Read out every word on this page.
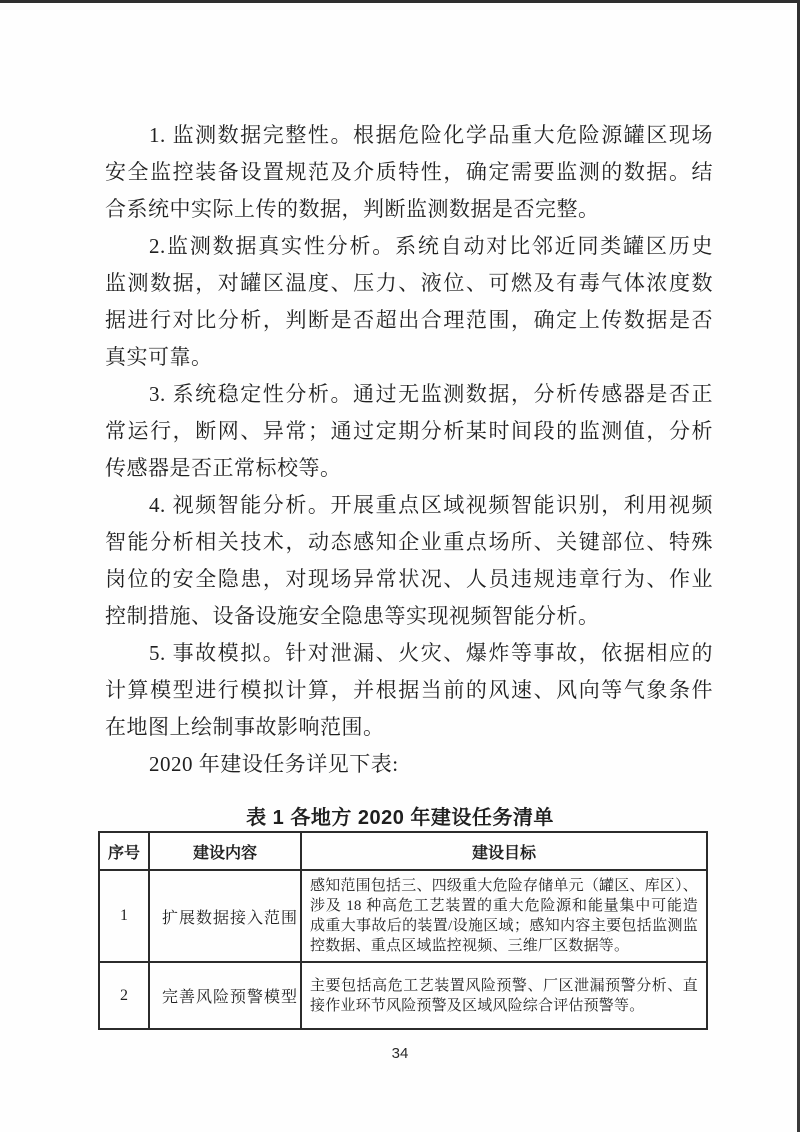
1. 监测数据完整性。根据危险化学品重大危险源罐区现场
安全监控装备设置规范及介质特性，确定需要监测的数据。结
合系统中实际上传的数据，判断监测数据是否完整。
2.监测数据真实性分析。系统自动对比邻近同类罐区历史
监测数据，对罐区温度、压力、液位、可燃及有毒气体浓度数
据进行对比分析，判断是否超出合理范围，确定上传数据是否
真实可靠。
3. 系统稳定性分析。通过无监测数据，分析传感器是否正
常运行，断网、异常；通过定期分析某时间段的监测值，分析
传感器是否正常标校等。
4. 视频智能分析。开展重点区域视频智能识别，利用视频
智能分析相关技术，动态感知企业重点场所、关键部位、特殊
岗位的安全隐患，对现场异常状况、人员违规违章行为、作业
控制措施、设备设施安全隐患等实现视频智能分析。
5. 事故模拟。针对泄漏、火灾、爆炸等事故，依据相应的
计算模型进行模拟计算，并根据当前的风速、风向等气象条件
在地图上绘制事故影响范围。
2020 年建设任务详见下表:
表 1 各地方 2020 年建设任务清单
序号	建设内容	建设目标
1	扩展数据接入范围	感知范围包括三、四级重大危险存储单元（罐区、库区）、涉及 18 种高危工艺装置的重大危险源和能量集中可能造成重大事故后的装置/设施区域；感知内容主要包括监测监控数据、重点区域监控视频、三维厂区数据等。
2	完善风险预警模型	主要包括高危工艺装置风险预警、厂区泄漏预警分析、直接作业环节风险预警及区域风险综合评估预警等。
34
